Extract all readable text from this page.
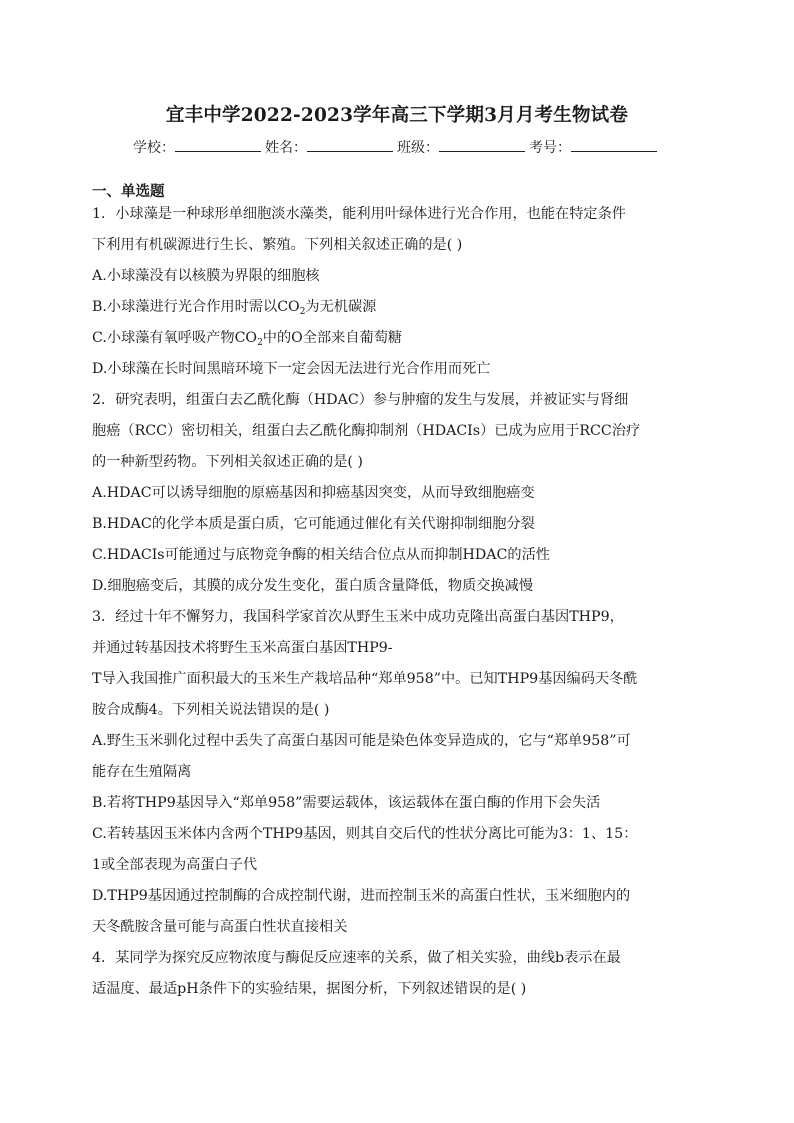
宜丰中学2022-2023学年高三下学期3月月考生物试卷
学校：	姓名：	班级：	考号：
一、单选题
1．小球藻是一种球形单细胞淡水藻类，能利用叶绿体进行光合作用，也能在特定条件
下利用有机碳源进行生长、繁殖。下列相关叙述正确的是( )
A.小球藻没有以核膜为界限的细胞核
B.小球藻进行光合作用时需以$CO_2$为无机碳源
C.小球藻有氧呼吸产物$CO_2$中的O全部来自葡萄糖
D.小球藻在长时间黑暗环境下一定会因无法进行光合作用而死亡
2．研究表明，组蛋白去乙酰化酶（HDAC）参与肿瘤的发生与发展，并被证实与肾细
胞癌（RCC）密切相关，组蛋白去乙酰化酶抑制剂（HDACIs）已成为应用于RCC治疗
的一种新型药物。下列相关叙述正确的是( )
A.HDAC可以诱导细胞的原癌基因和抑癌基因突变，从而导致细胞癌变
B.HDAC的化学本质是蛋白质，它可能通过催化有关代谢抑制细胞分裂
C.HDACIs可能通过与底物竞争酶的相关结合位点从而抑制HDAC的活性
D.细胞癌变后，其膜的成分发生变化，蛋白质含量降低，物质交换减慢
3．经过十年不懈努力，我国科学家首次从野生玉米中成功克隆出高蛋白基因THP9，
并通过转基因技术将野生玉米高蛋白基因THP9-
T导入我国推广面积最大的玉米生产栽培品种“郑单958”中。已知THP9基因编码天冬酰
胺合成酶4。下列相关说法错误的是( )
A.野生玉米驯化过程中丢失了高蛋白基因可能是染色体变异造成的，它与“郑单958”可
能存在生殖隔离
B.若将THP9基因导入“郑单958”需要运载体，该运载体在蛋白酶的作用下会失活
C.若转基因玉米体内含两个THP9基因，则其自交后代的性状分离比可能为3：1、15：
1或全部表现为高蛋白子代
D.THP9基因通过控制酶的合成控制代谢，进而控制玉米的高蛋白性状，玉米细胞内的
天冬酰胺含量可能与高蛋白性状直接相关
4．某同学为探究反应物浓度与酶促反应速率的关系，做了相关实验，曲线b表示在最
适温度、最适pH条件下的实验结果，据图分析，下列叙述错误的是( )
